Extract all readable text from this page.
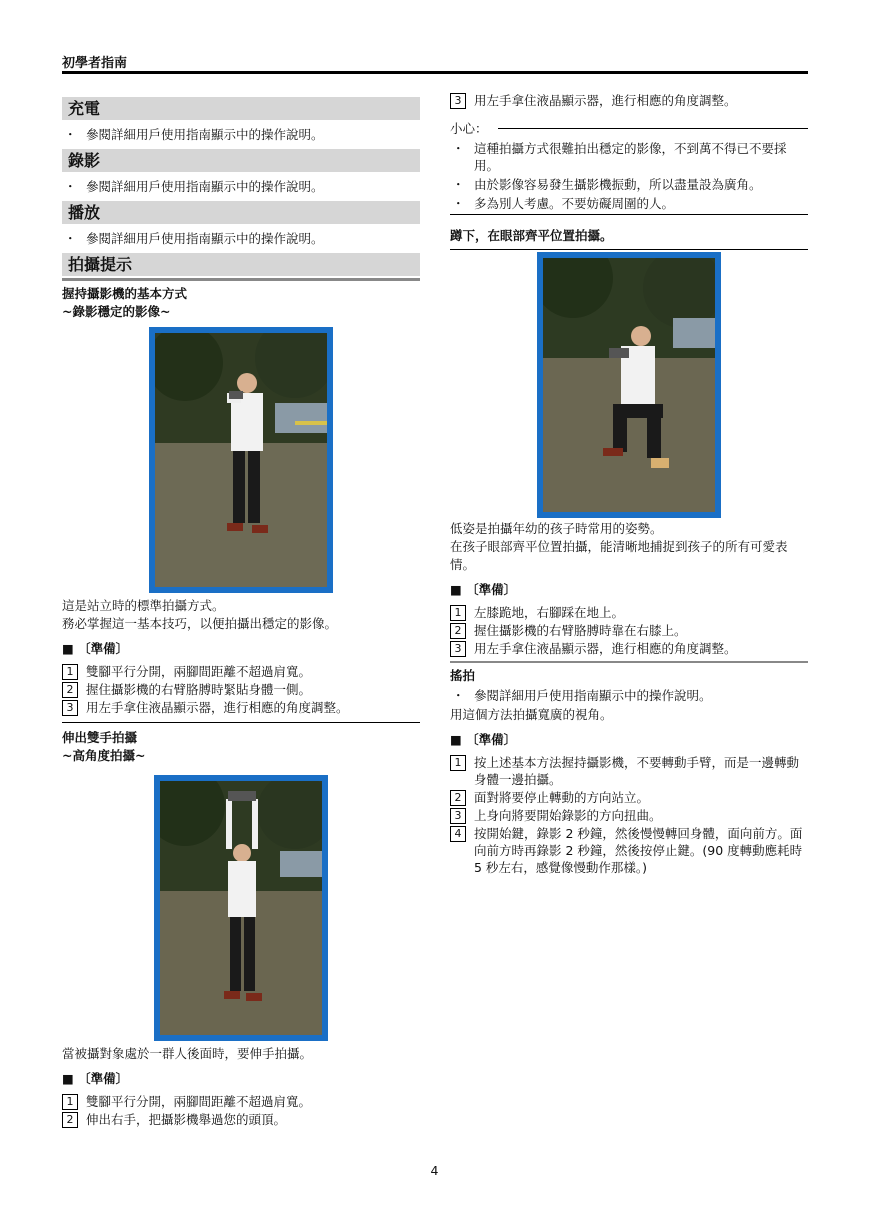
初學者指南
充電
・ 參閱詳細用戶使用指南顯示中的操作說明。
錄影
・ 參閱詳細用戶使用指南顯示中的操作說明。
播放
・ 參閱詳細用戶使用指南顯示中的操作說明。
拍攝提示
握持攝影機的基本方式
~錄影穩定的影像~
這是站立時的標準拍攝方式。
務必掌握這一基本技巧，以便拍攝出穩定的影像。
■ 〔準備〕
1	雙腳平行分開，兩腳間距離不超過肩寬。
2	握住攝影機的右臂胳膊時緊貼身體一側。
3	用左手拿住液晶顯示器，進行相應的角度調整。
伸出雙手拍攝
~高角度拍攝~
當被攝對象處於一群人後面時，要伸手拍攝。
■ 〔準備〕
1	雙腳平行分開，兩腳間距離不超過肩寬。
2	伸出右手，把攝影機舉過您的頭頂。
3	用左手拿住液晶顯示器，進行相應的角度調整。
小心：
・ 這種拍攝方式很難拍出穩定的影像，不到萬不得已不要採用。
・ 由於影像容易發生攝影機振動，所以盡量設為廣角。
・ 多為別人考慮。不要妨礙周圍的人。
蹲下，在眼部齊平位置拍攝。
低姿是拍攝年幼的孩子時常用的姿勢。
在孩子眼部齊平位置拍攝，能清晰地捕捉到孩子的所有可愛表情。
■ 〔準備〕
1	左膝跪地，右腳踩在地上。
2	握住攝影機的右臂胳膊時靠在右膝上。
3	用左手拿住液晶顯示器，進行相應的角度調整。
搖拍
・ 參閱詳細用戶使用指南顯示中的操作說明。
用這個方法拍攝寬廣的視角。
■ 〔準備〕
1	按上述基本方法握持攝影機，不要轉動手臂，而是一邊轉動身體一邊拍攝。
2	面對將要停止轉動的方向站立。
3	上身向將要開始錄影的方向扭曲。
4	按開始鍵，錄影 2 秒鐘，然後慢慢轉回身體，面向前方。面向前方時再錄影 2 秒鐘，然後按停止鍵。(90 度轉動應耗時 5 秒左右，感覺像慢動作那樣。)
4
